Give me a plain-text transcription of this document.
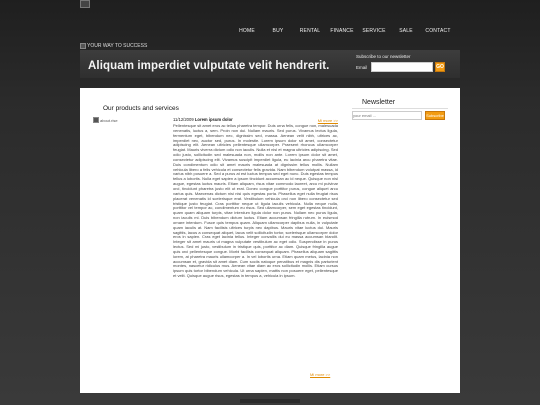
HOME	BUY	RENTAL	FINANCE	SERVICE	SALE	CONTACT
YOUR WAY TO SUCCESS
Aliquam imperdiet vulputate velit hendrerit.
Subscribe to our newsletter
Email	GO
Our products and services
about.rise	11/12/2009 Lorem ipsum dolor	Mi more >>
Pellentesque sit amet eros ac tellus pharetra tempor. Duis urna felis, congue non, malesuada venenatis, luctus a, sem. Proin non dui. Nullam mauris. Sed purus. Vivamus lectus ligula, fermentum eget, bibendum nec, dignissim sed, massa. Aenean velit nibh, ultrices ac, imperdiet nec, auctor sed, purus. In molestie. Lorem ipsum dolor sit amet, consectetur adipiscing elit. Aenean ultricies pellentesque ullamcorper. Praesent rhoncus ullamcorper feugiat. Mauris viverra dictum odio non iaculis. Nulla et nisl et magna ultricies adipiscing. Sed odio justo, sollicitudin sed malesuada non, mollis non ante. Lorem ipsum dolor sit amet, consectetur adipiscing elit. Vivamus suscipit imperdiet ligula, eu lacinia arcu pharetra vitae. Duis condimentum odio sit amet mauris malesuada at dignissim tellus mollis. Nullam vehicula libero a felis vehicula et consectetur felis gravida. Nam bibendum volutpat massa, id varius nibh posuere a. Sed a purus at est luctus tempus sed eget nunc. Duis egestas tempus tellus a lobortis. Nulla eget sapien a ipsum tincidunt accumsan ac id neque. Quisque non nisl augue, egestas luctus mauris. Etiam aliquam, risus vitae commodo laoreet, arcu mi pulvinar orci, tincidunt pharetra justo elit ut erat. Donec congue porttitor purus, congue aliquet arcu varius quis. Maecenas dictum nisi nisi quis egestas porta. Phasellus eget nulla feugiat risus placerat venenatis id scelerisque erat. Vestibulum vehicula orci non libero consectetur sed tristique justo feugiat. Cras porttitor neque ut ligula iaculis vehicula. Nulla neque nulla, porttitor vel tempor ac, condimentum eu risus. Sed ullamcorper, sem eget egestas tincidunt, quam quam aliquam turpis, vitae interdum ligula dolor non purus. Nullam nec purus ligula, non iaculis mi. Duis bibendum dictum luctus. Etiam accumsan fringilla rutrum. In euismod ornare interdum. Fusce quis tempus quam. Aliquam ullamcorper dapibus nulla, in vulputate quam iaculis at. Nam facilisis ultrices turpis nec dapibus. Mauris vitae luctus dui. Mauris sagittis, lacus a consequat aliquet, lacus velit sollicitudin tortor, scelerisque ullamcorper dolor eros in sapien. Cras eget lacinia tellus. Integer convallis dui eu massa accumsan blandit. Integer sit amet mauris ut magna vulputate vestibulum ac eget odio. Suspendisse in purus lectus. Sed mi justo, vestibulum in tristique quis, porttitor ac diam. Quisque fringilla augue quis orci pellentesque congue. Morbi facilisis consequat aliquam. Phasellus aliquam sagittis lorem, at pharetra mauris ullamcorper a. In vel lobortis urna. Etiam quam metus, lacinia non accumsan et, gravida sit amet diam. Cum sociis natoque penatibus et magnis dis parturient montes, nascetur ridiculus mus. Aenean vitae diam ac eros sollicitudin mollis. Etiam cursus ipsum quis tortor bibendum vehicula. Ut urna sapien, mattis non posuere eget, pellentesque et velit. Quisque augue risus, egestas in tempus a, vehicula in ipsum.
Mi more >>
Newsletter
your email ...
Subscribe
